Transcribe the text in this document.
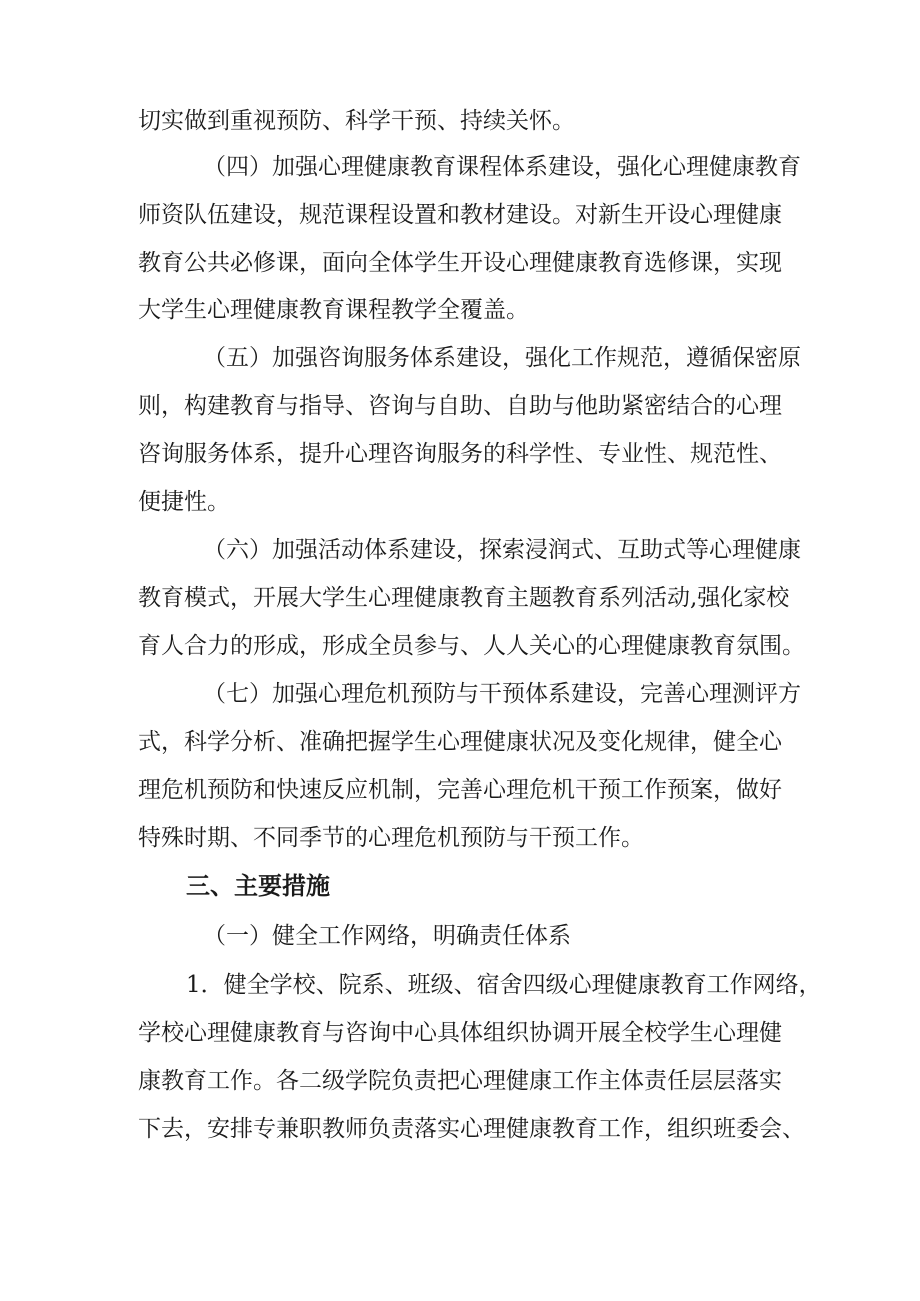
切实做到重视预防、科学干预、持续关怀。
（四）加强心理健康教育课程体系建设，强化心理健康教育
师资队伍建设，规范课程设置和教材建设。对新生开设心理健康
教育公共必修课，面向全体学生开设心理健康教育选修课，实现
大学生心理健康教育课程教学全覆盖。
（五）加强咨询服务体系建设，强化工作规范，遵循保密原
则，构建教育与指导、咨询与自助、自助与他助紧密结合的心理
咨询服务体系，提升心理咨询服务的科学性、专业性、规范性、
便捷性。
（六）加强活动体系建设，探索浸润式、互助式等心理健康
教育模式，开展大学生心理健康教育主题教育系列活动,强化家校
育人合力的形成，形成全员参与、人人关心的心理健康教育氛围。
（七）加强心理危机预防与干预体系建设，完善心理测评方
式，科学分析、准确把握学生心理健康状况及变化规律，健全心
理危机预防和快速反应机制，完善心理危机干预工作预案，做好
特殊时期、不同季节的心理危机预防与干预工作。
三、主要措施
（一）健全工作网络，明确责任体系
1．健全学校、院系、班级、宿舍四级心理健康教育工作网络，
学校心理健康教育与咨询中心具体组织协调开展全校学生心理健
康教育工作。各二级学院负责把心理健康工作主体责任层层落实
下去，安排专兼职教师负责落实心理健康教育工作，组织班委会、
